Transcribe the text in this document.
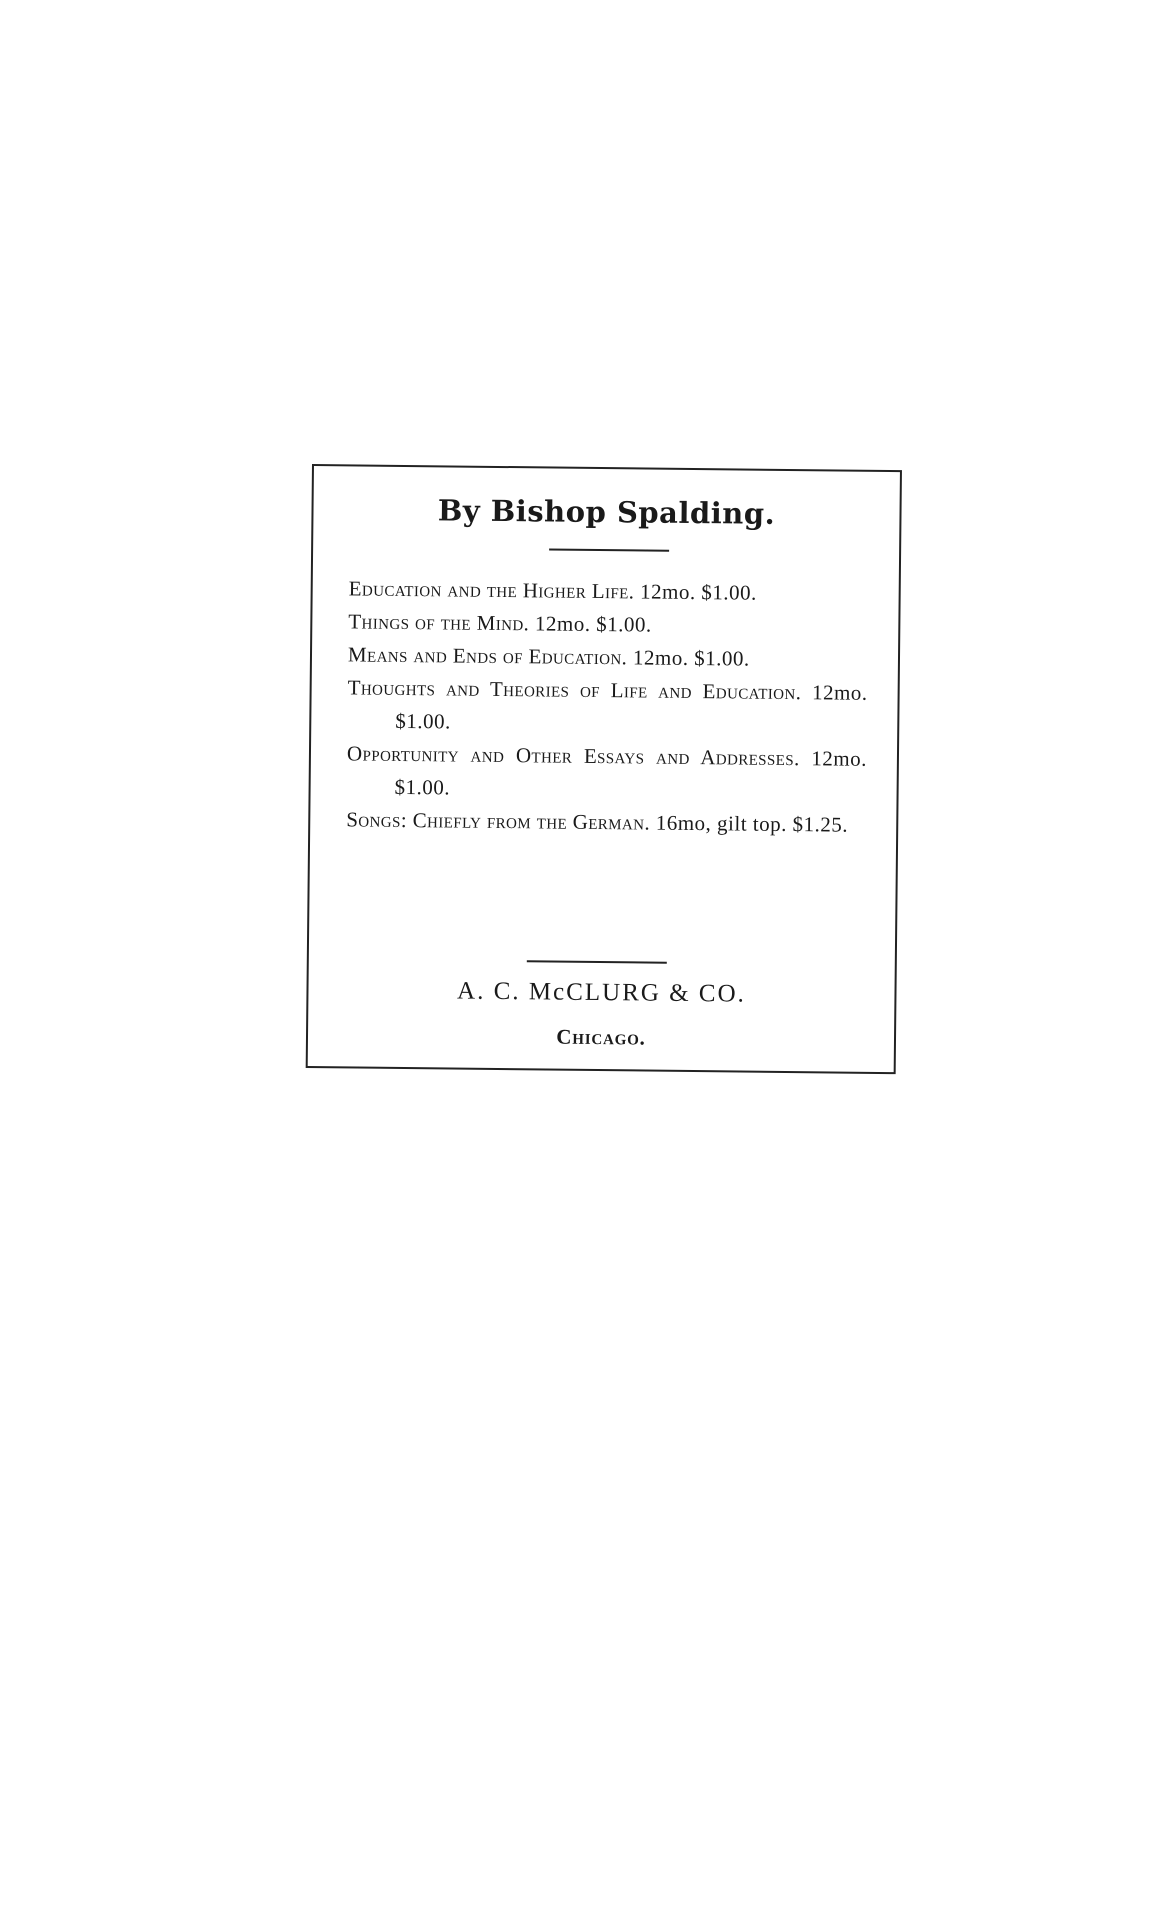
By Bishop Spalding.
Education and the Higher Life. 12mo. $1.00.
Things of the Mind. 12mo. $1.00.
Means and Ends of Education. 12mo. $1.00.
Thoughts and Theories of Life and Education. 12mo. $1.00.
Opportunity and Other Essays and Addresses. 12mo. $1.00.
Songs: Chiefly from the German. 16mo, gilt top. $1.25.
A. C. McCLURG & CO.
Chicago.
